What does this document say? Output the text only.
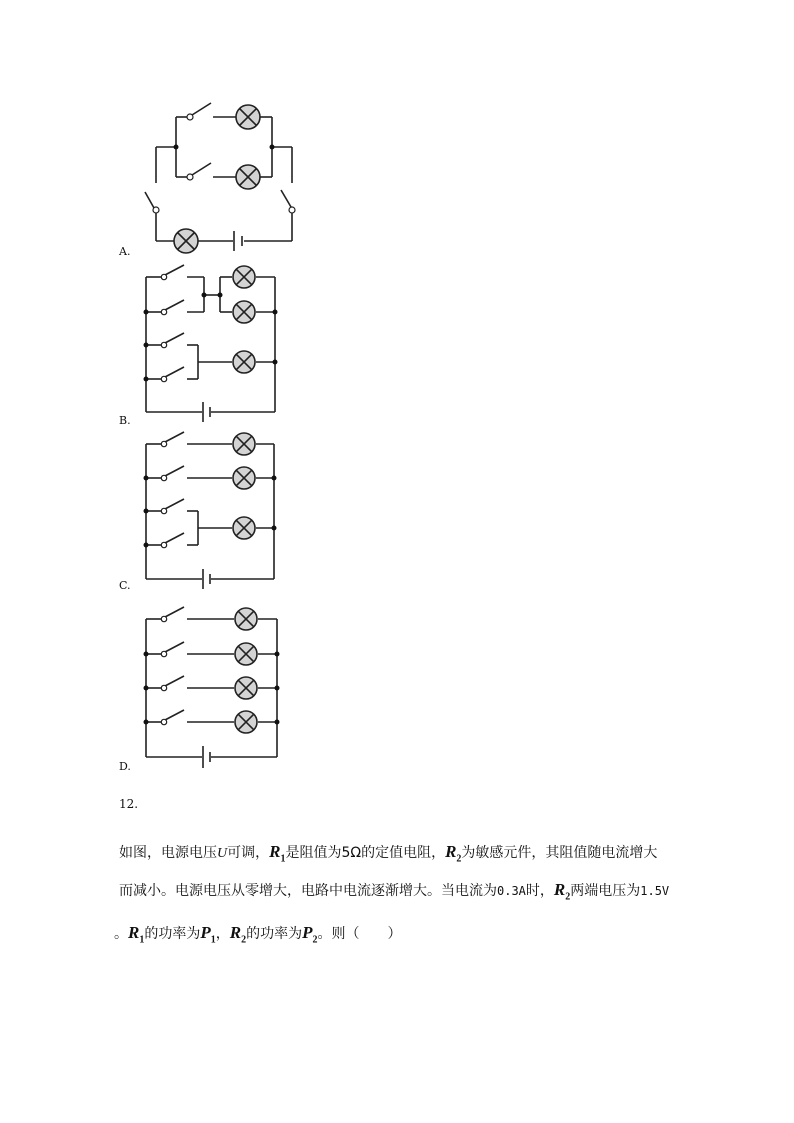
A.
B.
C.
D.
12.
如图，电源电压U可调，$R_1$是阻值为5Ω的定值电阻，$R_2$为敏感元件，其阻值随电流增大
而减小。电源电压从零增大，电路中电流逐渐增大。当电流为0.3A时，$R_2$两端电压为1.5V
。$R_1$的功率为$P_1$，$R_2$的功率为$P_2$。则（　　）
